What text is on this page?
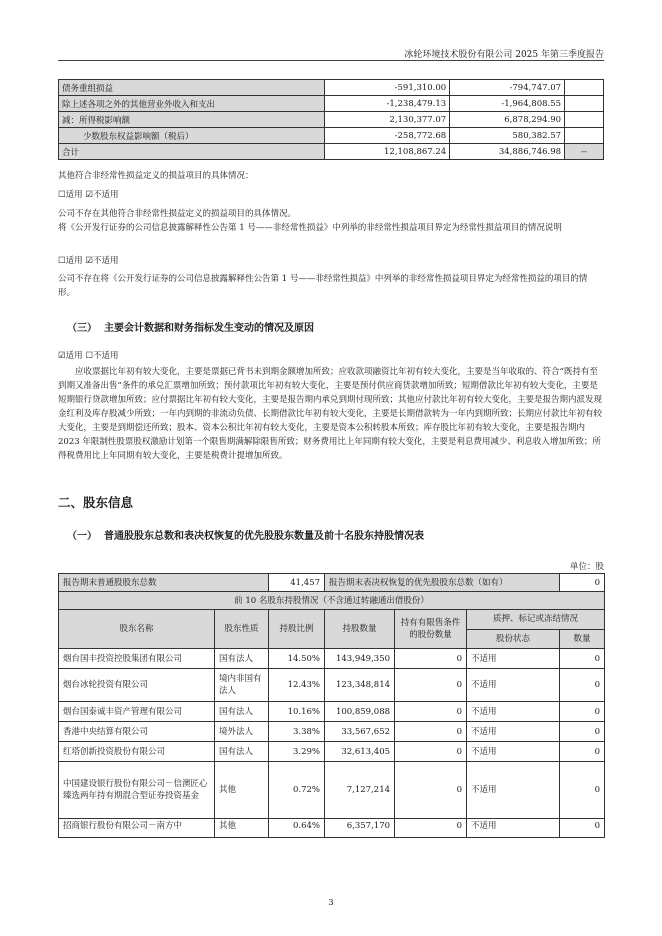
冰轮环境技术股份有限公司 2025 年第三季度报告
债务重组损益	-591,310.00	-794,747.07	
除上述各项之外的其他营业外收入和支出	-1,238,479.13	-1,964,808.55	
减：所得税影响额	2,130,377.07	6,878,294.90	
少数股东权益影响额（税后）	-258,772.68	580,382.57	
合计	12,108,867.24	34,886,746.98	--
其他符合非经常性损益定义的损益项目的具体情况：
☐适用 ☑不适用
公司不存在其他符合非经常性损益定义的损益项目的具体情况。
将《公开发行证券的公司信息披露解释性公告第 1 号——非经常性损益》中列举的非经常性损益项目界定为经常性损益项目的情况说明
☐适用 ☑不适用
公司不存在将《公开发行证券的公司信息披露解释性公告第 1 号——非经常性损益》中列举的非经常性损益项目界定为经常性损益的项目的情形。
（三） 主要会计数据和财务指标发生变动的情况及原因
☑适用 ☐不适用
应收票据比年初有较大变化，主要是票据已背书未到期金额增加所致；应收款项融资比年初有较大变化，主要是当年收取的、符合“既持有至到期又准备出售”条件的承兑汇票增加所致；预付款项比年初有较大变化，主要是预付供应商货款增加所致；短期借款比年初有较大变化，主要是短期银行贷款增加所致；应付票据比年初有较大变化，主要是报告期内承兑到期付现所致；其他应付款比年初有较大变化，主要是报告期内派发现金红利及库存股减少所致；一年内到期的非流动负债、长期借款比年初有较大变化，主要是长期借款转为一年内到期所致；长期应付款比年初有较大变化，主要是到期偿还所致；股本、资本公积比年初有较大变化，主要是资本公积转股本所致；库存股比年初有较大变化，主要是报告期内 2023 年限制性股票股权激励计划第一个限售期满解除限售所致；财务费用比上年同期有较大变化，主要是利息费用减少、利息收入增加所致；所得税费用比上年同期有较大变化，主要是税费计提增加所致。
二、股东信息
（一） 普通股股东总数和表决权恢复的优先股股东数量及前十名股东持股情况表
单位：股
报告期末普通股股东总数		41,457	报告期末表决权恢复的优先股股东总数（如有）			0
前 10 名股东持股情况（不含通过转融通出借股份）						
股东名称	股东性质	持股比例	持股数量	持有有限售条件的股份数量	质押、标记或冻结情况	
					股份状态	数量
烟台国丰投资控股集团有限公司	国有法人	14.50%	143,949,350	0	不适用	0
烟台冰轮投资有限公司	境内非国有法人	12.43%	123,348,814	0	不适用	0
烟台国泰诚丰资产管理有限公司	国有法人	10.16%	100,859,088	0	不适用	0
香港中央结算有限公司	境外法人	3.38%	33,567,652	0	不适用	0
红塔创新投资股份有限公司	国有法人	3.29%	32,613,405	0	不适用	0
中国建设银行股份有限公司－信澳匠心臻选两年持有期混合型证券投资基金	其他	0.72%	7,127,214	0	不适用	0
招商银行股份有限公司－南方中	其他	0.64%	6,357,170	0	不适用	0
3
